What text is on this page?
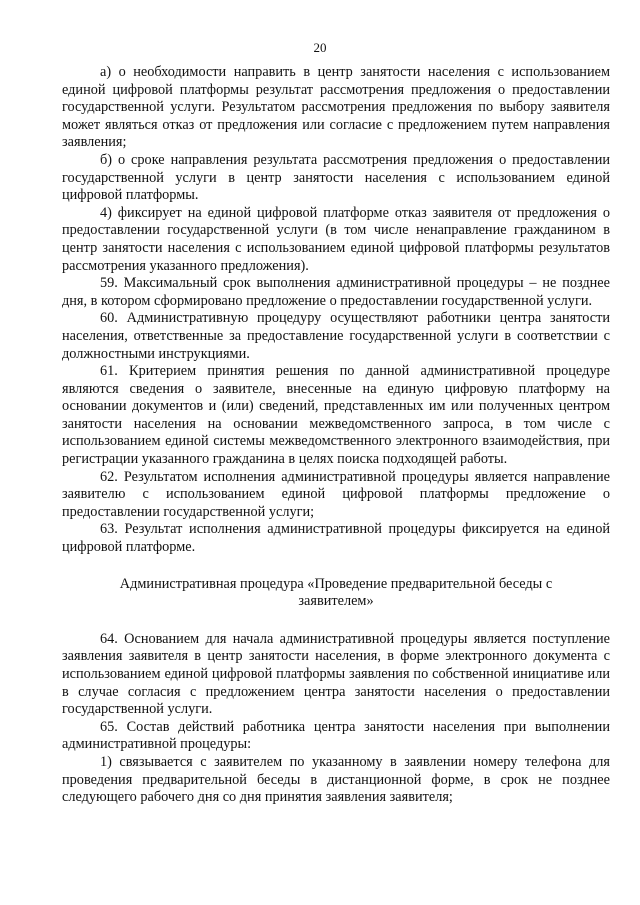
20

а) о необходимости направить в центр занятости населения с использованием единой цифровой платформы результат рассмотрения предложения о предоставлении государственной услуги. Результатом рассмотрения предложения по выбору заявителя может являться отказ от предложения или согласие с предложением путем направления заявления;

б) о сроке направления результата рассмотрения предложения о предоставлении государственной услуги в центр занятости населения с использованием единой цифровой платформы.

4) фиксирует на единой цифровой платформе отказ заявителя от предложения о предоставлении государственной услуги (в том числе ненаправление гражданином в центр занятости населения с использованием единой цифровой платформы результатов рассмотрения указанного предложения).

59. Максимальный срок выполнения административной процедуры – не позднее дня, в котором сформировано предложение о предоставлении государственной услуги.

60. Административную процедуру осуществляют работники центра занятости населения, ответственные за предоставление государственной услуги в соответствии с должностными инструкциями.

61. Критерием принятия решения по данной административной процедуре являются сведения о заявителе, внесенные на единую цифровую платформу на основании документов и (или) сведений, представленных им или полученных центром занятости населения на основании межведомственного запроса, в том числе с использованием единой системы межведомственного электронного взаимодействия, при регистрации указанного гражданина в целях поиска подходящей работы.

62. Результатом исполнения административной процедуры является направление заявителю с использованием единой цифровой платформы предложение о предоставлении государственной услуги;

63. Результат исполнения административной процедуры фиксируется на единой цифровой платформе.

Административная процедура «Проведение предварительной беседы с заявителем»

64. Основанием для начала административной процедуры является поступление заявления заявителя в центр занятости населения, в форме электронного документа с использованием единой цифровой платформы заявления по собственной инициативе или в случае согласия с предложением центра занятости населения о предоставлении государственной услуги.

65. Состав действий работника центра занятости населения при выполнении административной процедуры:

1) связывается с заявителем по указанному в заявлении номеру телефона для проведения предварительной беседы в дистанционной форме, в срок не позднее следующего рабочего дня со дня принятия заявления заявителя;
